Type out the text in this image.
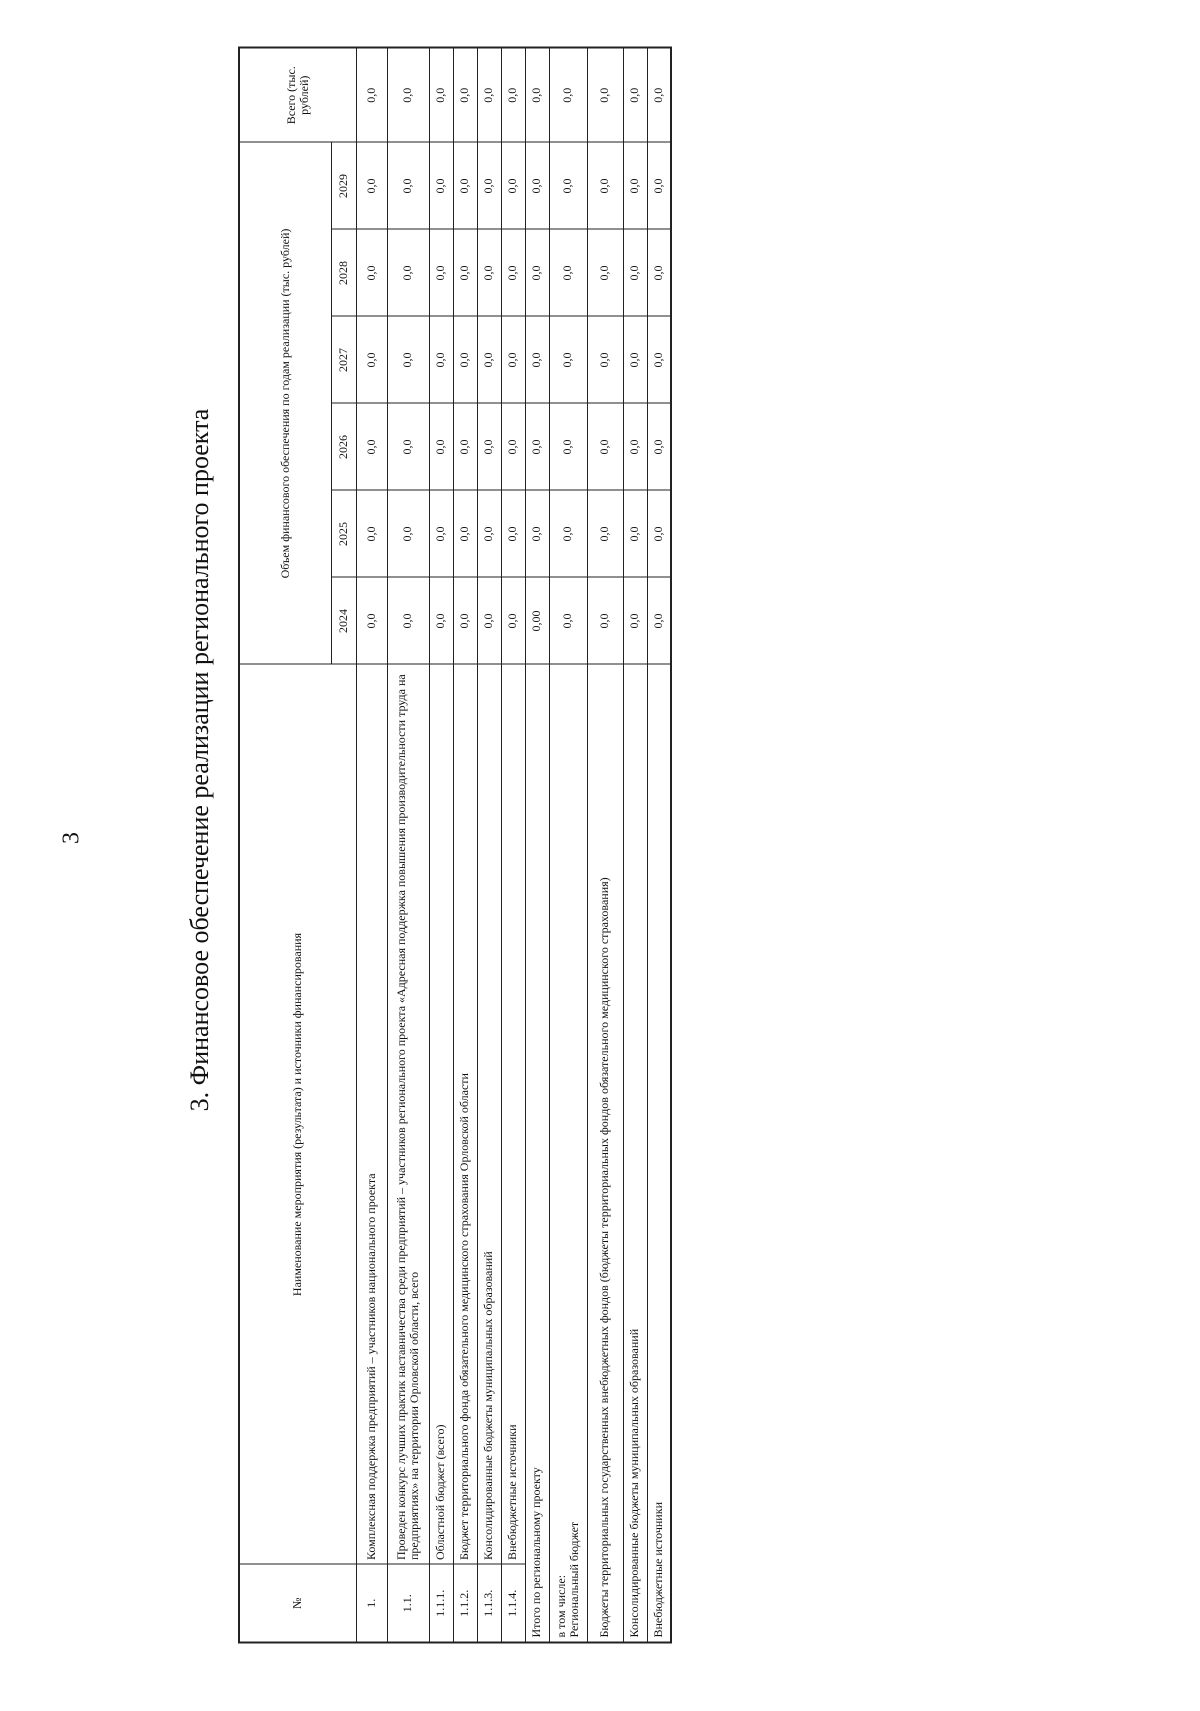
3	3. Финансовое обеспечение реализации регионального проекта
№	Наименование мероприятия (результата) и источники финансирования	Объем финансового обеспечения по годам реализации (тыс. рублей)						Всего (тыс. рублей)
		2024	2025	2026	2027	2028	2029	
1.	Комплексная поддержка предприятий – участников национального проекта	0,0	0,0	0,0	0,0	0,0	0,0	0,0
1.1.	Проведен конкурс лучших практик наставничества среди предприятий – участников регионального проекта «Адресная поддержка повышения производительности труда на предприятиях» на территории Орловской области, всего	0,0	0,0	0,0	0,0	0,0	0,0	0,0
1.1.1.	Областной бюджет (всего)	0,0	0,0	0,0	0,0	0,0	0,0	0,0
1.1.2.	Бюджет территориального фонда обязательного медицинского страхования Орловской области	0,0	0,0	0,0	0,0	0,0	0,0	0,0
1.1.3.	Консолидированные бюджеты муниципальных образований	0,0	0,0	0,0	0,0	0,0	0,0	0,0
1.1.4.	Внебюджетные источники	0,0	0,0	0,0	0,0	0,0	0,0	0,0
Итого по региональному проекту		0,00	0,0	0,0	0,0	0,0	0,0	0,0

в том числе: Региональный бюджет		0,0	0,0	0,0	0,0	0,0	0,0	0,0
Бюджеты территориальных государственных внебюджетных фондов (бюджеты территориальных фондов обязательного медицинского страхования)		0,0	0,0	0,0	0,0	0,0	0,0	0,0
Консолидированные бюджеты муниципальных образований		0,0	0,0	0,0	0,0	0,0	0,0	0,0
Внебюджетные источники		0,0	0,0	0,0	0,0	0,0	0,0	0,0
